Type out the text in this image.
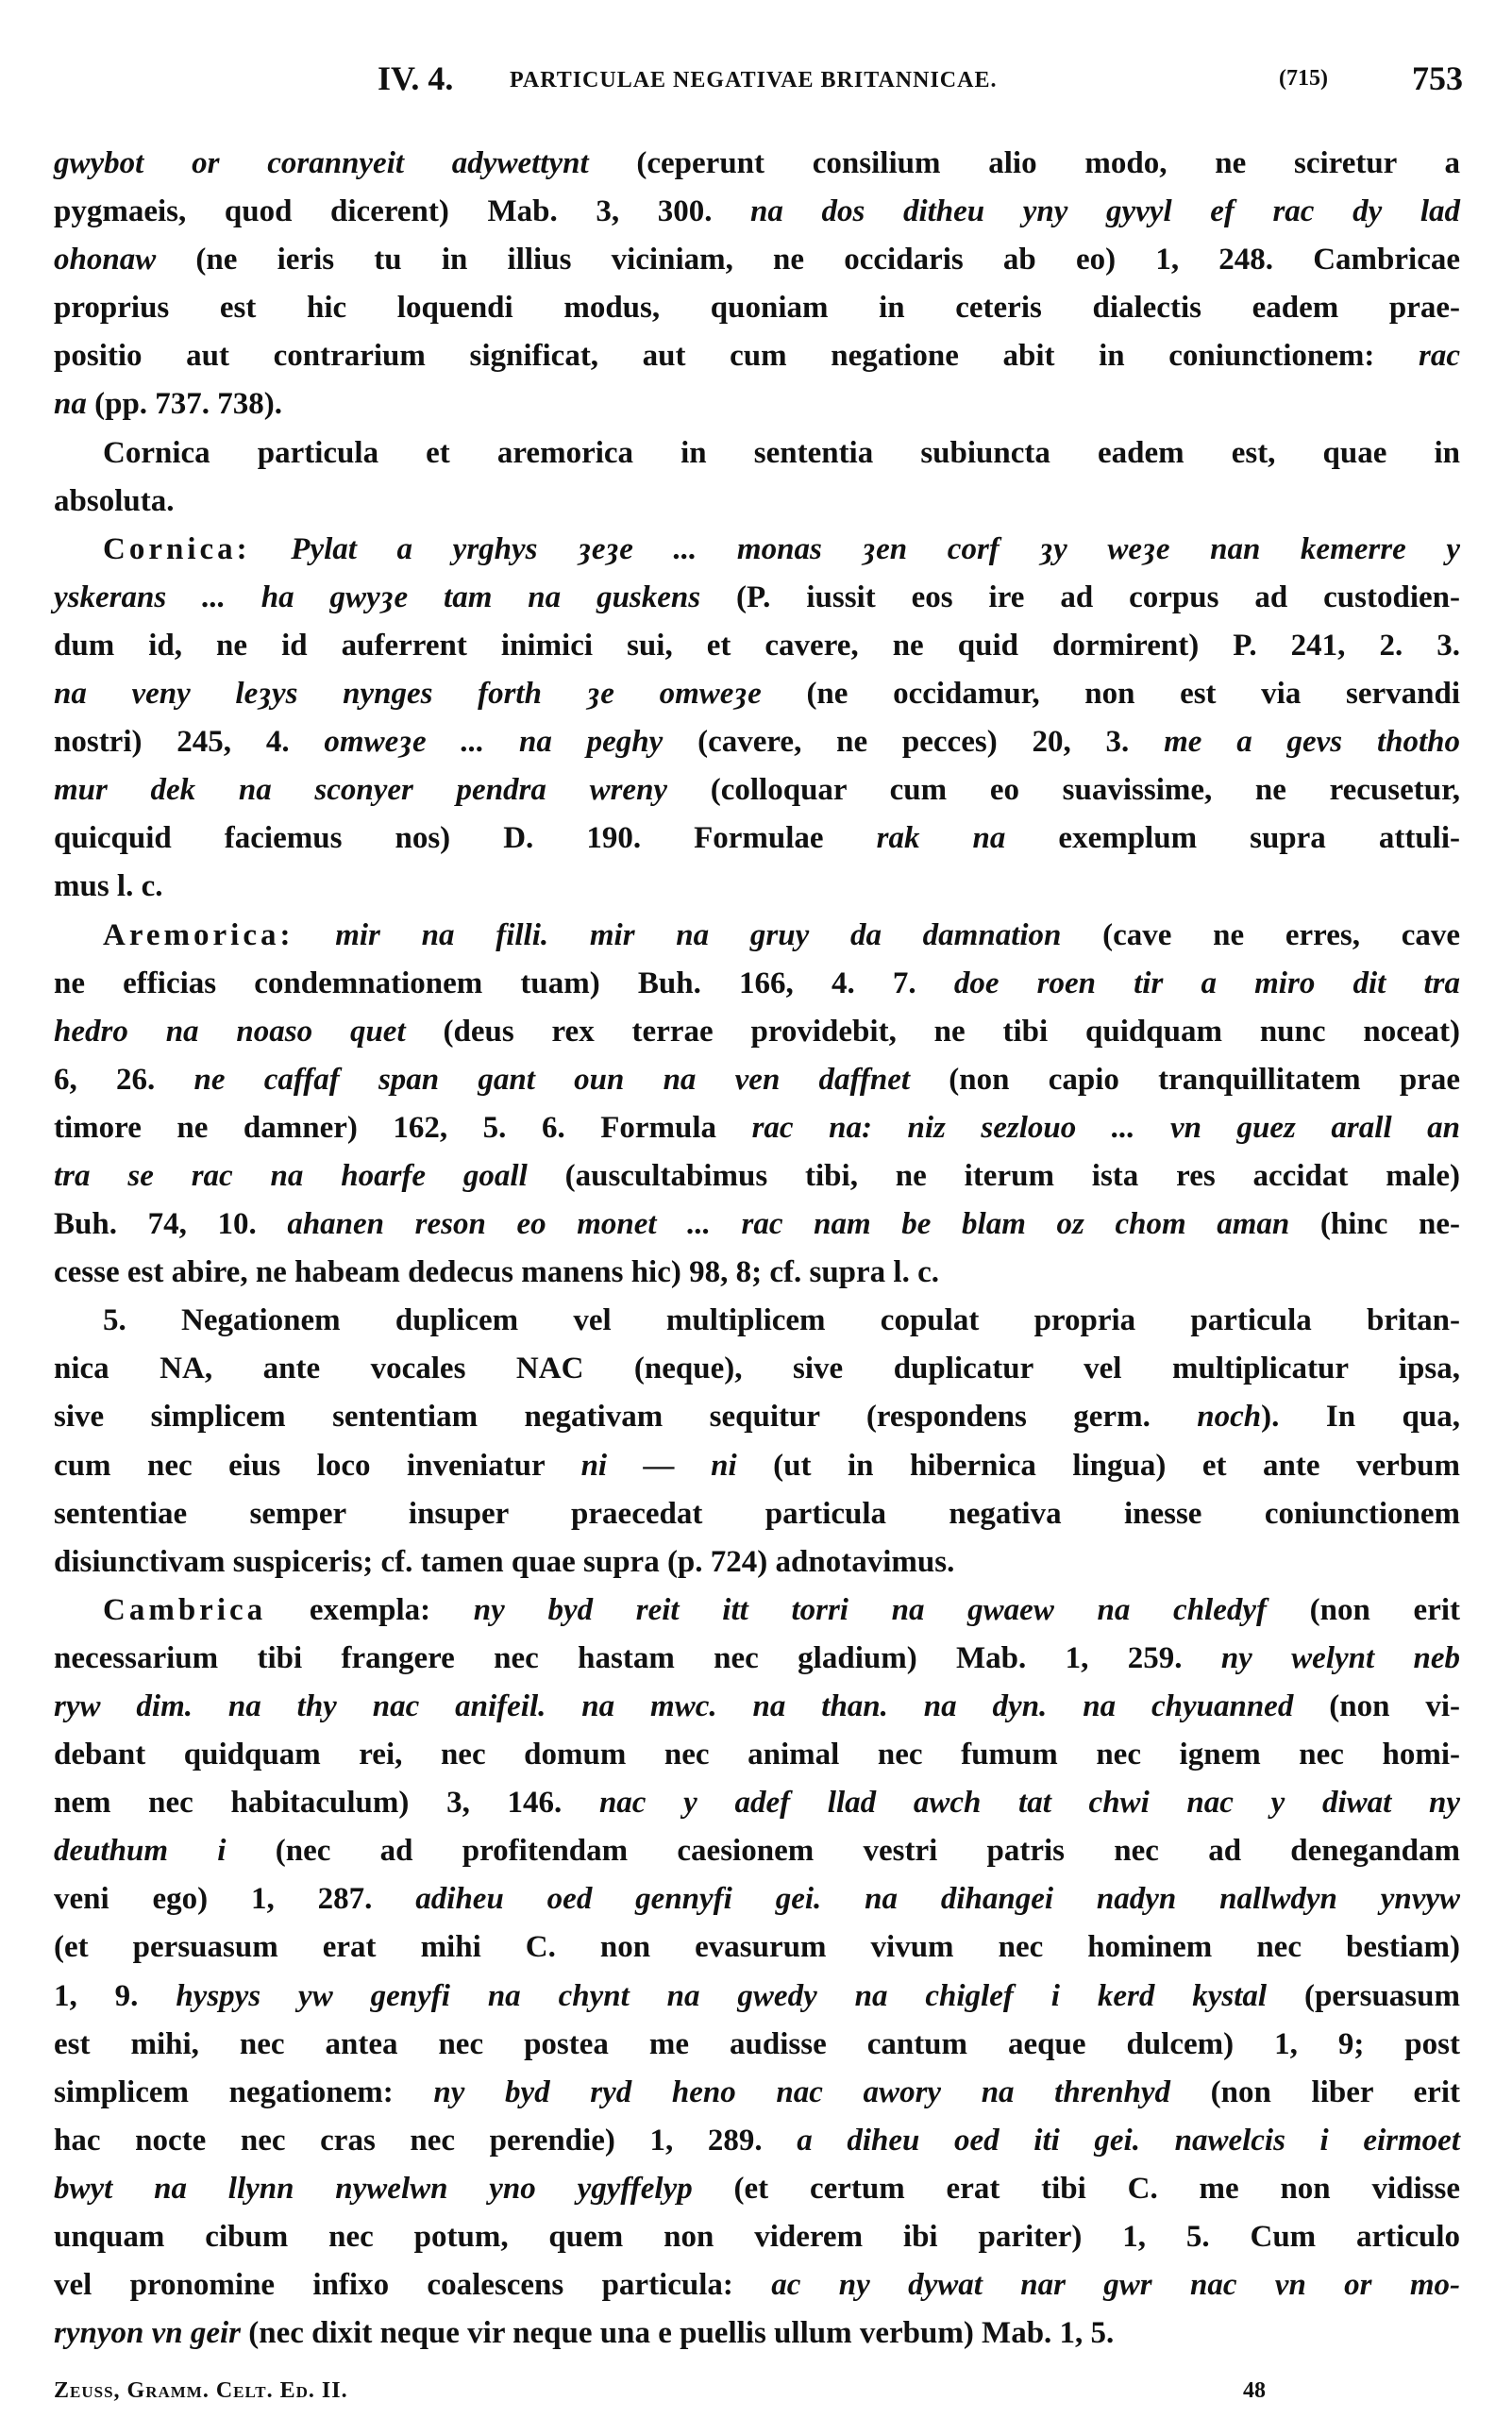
IV. 4. PARTICULAE NEGATIVAE BRITANNICAE.	(715) 753
gwybot or corannyeit adywettynt (ceperunt consilium alio modo, ne sciretur a
pygmaeis, quod dicerent) Mab. 3, 300. na dos ditheu yny gyvyl ef rac dy lad
ohonaw (ne ieris tu in illius viciniam, ne occidaris ab eo) 1, 248. Cambricae
proprius est hic loquendi modus, quoniam in ceteris dialectis eadem prae-
positio aut contrarium significat, aut cum negatione abit in coniunctionem: rac
na (pp. 737. 738).
Cornica particula et aremorica in sententia subiuncta eadem est, quae in
absoluta.
Cornica: Pylat a yrghys ȝeȝe ... monas ȝen corf ȝy weȝe nan kemerre y
yskerans ... ha gwyȝe tam na guskens (P. iussit eos ire ad corpus ad custodien-
dum id, ne id auferrent inimici sui, et cavere, ne quid dormirent) P. 241, 2. 3.
na veny leȝys nynges forth ȝe omweȝe (ne occidamur, non est via servandi
nostri) 245, 4. omweȝe ... na peghy (cavere, ne pecces) 20, 3. me a gevs thotho
mur dek na sconyer pendra wreny (colloquar cum eo suavissime, ne recusetur,
quicquid faciemus nos) D. 190. Formulae rak na exemplum supra attuli-
mus l. c.
Aremorica: mir na filli. mir na gruy da damnation (cave ne erres, cave
ne efficias condemnationem tuam) Buh. 166, 4. 7. doe roen tir a miro dit tra
hedro na noaso quet (deus rex terrae providebit, ne tibi quidquam nunc noceat)
6, 26. ne caffaf span gant oun na ven daffnet (non capio tranquillitatem prae
timore ne damner) 162, 5. 6. Formula rac na: niz sezlouo ... vn guez arall an
tra se rac na hoarfe goall (auscultabimus tibi, ne iterum ista res accidat male)
Buh. 74, 10. ahanen reson eo monet ... rac nam be blam oz chom aman (hinc ne-
cesse est abire, ne habeam dedecus manens hic) 98, 8; cf. supra l. c.
5. Negationem duplicem vel multiplicem copulat propria particula britan-
nica NA, ante vocales NAC (neque), sive duplicatur vel multiplicatur ipsa,
sive simplicem sententiam negativam sequitur (respondens germ. noch). In qua,
cum nec eius loco inveniatur ni — ni (ut in hibernica lingua) et ante verbum
sententiae semper insuper praecedat particula negativa inesse coniunctionem
disiunctivam suspiceris; cf. tamen quae supra (p. 724) adnotavimus.
Cambrica exempla: ny byd reit itt torri na gwaew na chledyf (non erit
necessarium tibi frangere nec hastam nec gladium) Mab. 1, 259. ny welynt neb
ryw dim. na thy nac anifeil. na mwc. na than. na dyn. na chyuanned (non vi-
debant quidquam rei, nec domum nec animal nec fumum nec ignem nec homi-
nem nec habitaculum) 3, 146. nac y adef llad awch tat chwi nac y diwat ny
deuthum i (nec ad profitendam caesionem vestri patris nec ad denegandam
veni ego) 1, 287. adiheu oed gennyfi gei. na dihangei nadyn nallwdyn ynvyw
(et persuasum erat mihi C. non evasurum vivum nec hominem nec bestiam)
1, 9. hyspys yw genyfi na chynt na gwedy na chiglef i kerd kystal (persuasum
est mihi, nec antea nec postea me audisse cantum aeque dulcem) 1, 9; post
simplicem negationem: ny byd ryd heno nac awory na threnhyd (non liber erit
hac nocte nec cras nec perendie) 1, 289. a diheu oed iti gei. nawelcis i eirmoet
bwyt na llynn nywelwn yno ygyffelyp (et certum erat tibi C. me non vidisse
unquam cibum nec potum, quem non viderem ibi pariter) 1, 5. Cum articulo
vel pronomine infixo coalescens particula: ac ny dywat nar gwr nac vn or mo-
rynyon vn geir (nec dixit neque vir neque una e puellis ullum verbum) Mab. 1, 5.
Zeuss, Gramm. Celt. Ed. II.	48
